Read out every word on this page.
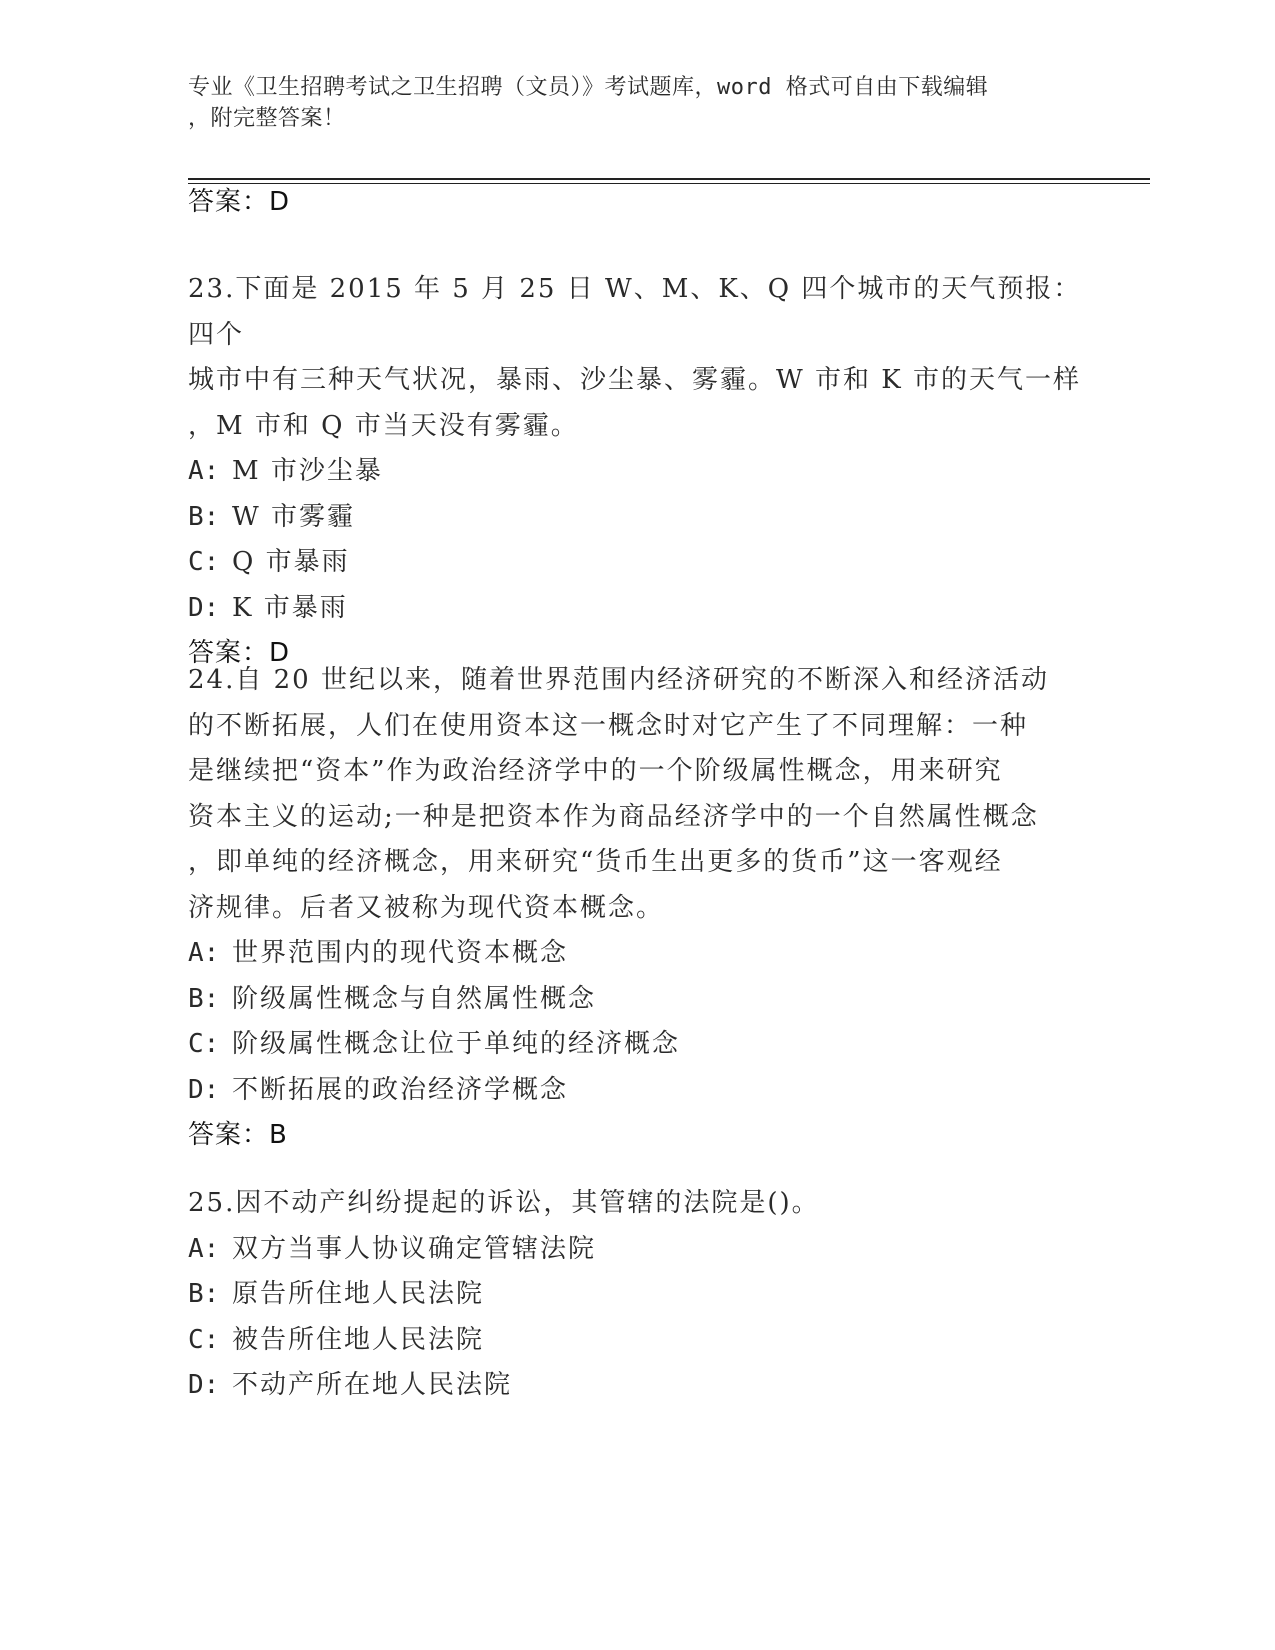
专业《卫生招聘考试之卫生招聘（文员）》考试题库，word 格式可自由下载编辑
，附完整答案！
答案：D
23.下面是 2015 年 5 月 25 日 W、M、K、Q 四个城市的天气预报：四个
城市中有三种天气状况，暴雨、沙尘暴、雾霾。W 市和 K 市的天气一样
，M 市和 Q 市当天没有雾霾。
A: M 市沙尘暴
B: W 市雾霾
C: Q 市暴雨
D: K 市暴雨
答案：D
24.自 20 世纪以来，随着世界范围内经济研究的不断深入和经济活动
的不断拓展，人们在使用资本这一概念时对它产生了不同理解：一种
是继续把“资本”作为政治经济学中的一个阶级属性概念，用来研究
资本主义的运动;一种是把资本作为商品经济学中的一个自然属性概念
，即单纯的经济概念，用来研究“货币生出更多的货币”这一客观经
济规律。后者又被称为现代资本概念。
A: 世界范围内的现代资本概念
B: 阶级属性概念与自然属性概念
C: 阶级属性概念让位于单纯的经济概念
D: 不断拓展的政治经济学概念
答案：B
25.因不动产纠纷提起的诉讼，其管辖的法院是()。
A: 双方当事人协议确定管辖法院
B: 原告所住地人民法院
C: 被告所住地人民法院
D: 不动产所在地人民法院
